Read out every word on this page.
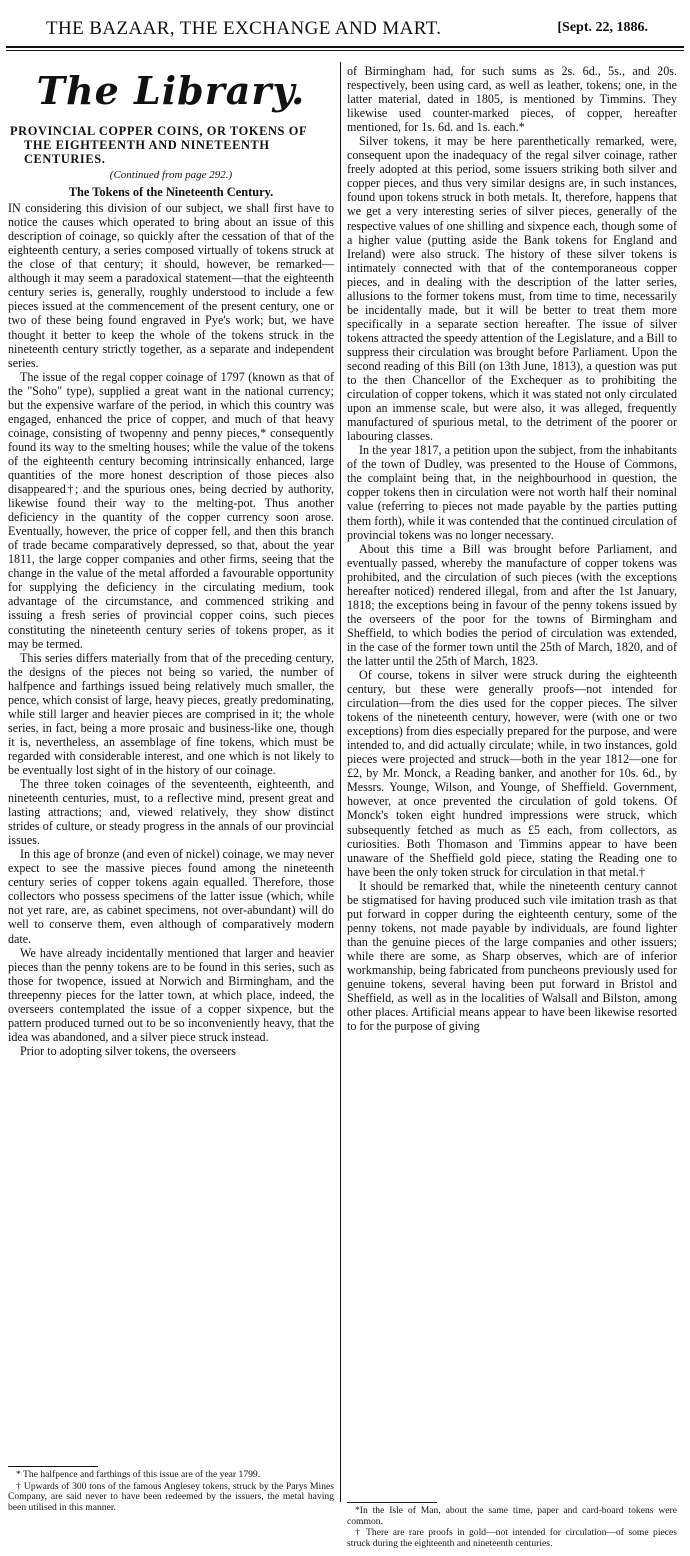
THE BAZAAR, THE EXCHANGE AND MART.	[Sept. 22, 1886.
The Library.
PROVINCIAL COPPER COINS, OR TOKENS OF
THE EIGHTEENTH AND NINETEENTH
CENTURIES.
(Continued from page 292.)
The Tokens of the Nineteenth Century.

IN considering this division of our subject, we shall first have to notice the causes which operated to bring about an issue of this description of coinage, so quickly after the cessation of that of the eighteenth century, a series composed virtually of tokens struck at the close of that century; it should, however, be remarked—although it may seem a paradoxical statement—that the eighteenth century series is, generally, roughly understood to include a few pieces issued at the commencement of the present century, one or two of these being found engraved in Pye's work; but, we have thought it better to keep the whole of the tokens struck in the nineteenth century strictly together, as a separate and independent series.

The issue of the regal copper coinage of 1797 (known as that of the "Soho" type), supplied a great want in the national currency; but the expensive warfare of the period, in which this country was engaged, enhanced the price of copper, and much of that heavy coinage, consisting of twopenny and penny pieces,* consequently found its way to the smelting houses; while the value of the tokens of the eighteenth century becoming intrinsically enhanced, large quantities of the more honest description of those pieces also disappeared†; and the spurious ones, being decried by authority, likewise found their way to the melting-pot. Thus another deficiency in the quantity of the copper currency soon arose. Eventually, however, the price of copper fell, and then this branch of trade became comparatively depressed, so that, about the year 1811, the large copper companies and other firms, seeing that the change in the value of the metal afforded a favourable opportunity for supplying the deficiency in the circulating medium, took advantage of the circumstance, and commenced striking and issuing a fresh series of provincial copper coins, such pieces constituting the nineteenth century series of tokens proper, as it may be termed.

This series differs materially from that of the preceding century, the designs of the pieces not being so varied, the number of halfpence and farthings issued being relatively much smaller, the pence, which consist of large, heavy pieces, greatly predominating, while still larger and heavier pieces are comprised in it; the whole series, in fact, being a more prosaic and business-like one, though it is, nevertheless, an assemblage of fine tokens, which must be regarded with considerable interest, and one which is not likely to be eventually lost sight of in the history of our coinage.

The three token coinages of the seventeenth, eighteenth, and nineteenth centuries, must, to a reflective mind, present great and lasting attractions; and, viewed relatively, they show distinct strides of culture, or steady progress in the annals of our provincial issues.

In this age of bronze (and even of nickel) coinage, we may never expect to see the massive pieces found among the nineteenth century series of copper tokens again equalled. Therefore, those collectors who possess specimens of the latter issue (which, while not yet rare, are, as cabinet specimens, not over-abundant) will do well to conserve them, even although of comparatively modern date.

We have already incidentally mentioned that larger and heavier pieces than the penny tokens are to be found in this series, such as those for twopence, issued at Norwich and Birmingham, and the threepenny pieces for the latter town, at which place, indeed, the overseers contemplated the issue of a copper sixpence, but the pattern produced turned out to be so inconveniently heavy, that the idea was abandoned, and a silver piece struck instead.

Prior to adopting silver tokens, the overseers

* The halfpence and farthings of this issue are of the year 1799.

† Upwards of 300 tons of the famous Anglesey tokens, struck by the Parys Mines Company, are said never to have been redeemed by the issuers, the metal having been utilised in this manner.

of Birmingham had, for such sums as 2s. 6d., 5s., and 20s. respectively, been using card, as well as leather, tokens; one, in the latter material, dated in 1805, is mentioned by Timmins. They likewise used counter-marked pieces, of copper, hereafter mentioned, for 1s. 6d. and 1s. each.*

Silver tokens, it may be here parenthetically remarked, were, consequent upon the inadequacy of the regal silver coinage, rather freely adopted at this period, some issuers striking both silver and copper pieces, and thus very similar designs are, in such instances, found upon tokens struck in both metals. It, therefore, happens that we get a very interesting series of silver pieces, generally of the respective values of one shilling and sixpence each, though some of a higher value (putting aside the Bank tokens for England and Ireland) were also struck. The history of these silver tokens is intimately connected with that of the contemporaneous copper pieces, and in dealing with the description of the latter series, allusions to the former tokens must, from time to time, necessarily be incidentally made, but it will be better to treat them more specifically in a separate section hereafter. The issue of silver tokens attracted the speedy attention of the Legislature, and a Bill to suppress their circulation was brought before Parliament. Upon the second reading of this Bill (on 13th June, 1813), a question was put to the then Chancellor of the Exchequer as to prohibiting the circulation of copper tokens, which it was stated not only circulated upon an immense scale, but were also, it was alleged, frequently manufactured of spurious metal, to the detriment of the poorer or labouring classes.

In the year 1817, a petition upon the subject, from the inhabitants of the town of Dudley, was presented to the House of Commons, the complaint being that, in the neighbourhood in question, the copper tokens then in circulation were not worth half their nominal value (referring to pieces not made payable by the parties putting them forth), while it was contended that the continued circulation of provincial tokens was no longer necessary.

About this time a Bill was brought before Parliament, and eventually passed, whereby the manufacture of copper tokens was prohibited, and the circulation of such pieces (with the exceptions hereafter noticed) rendered illegal, from and after the 1st January, 1818; the exceptions being in favour of the penny tokens issued by the overseers of the poor for the towns of Birmingham and Sheffield, to which bodies the period of circulation was extended, in the case of the former town until the 25th of March, 1820, and of the latter until the 25th of March, 1823.

Of course, tokens in silver were struck during the eighteenth century, but these were generally proofs—not intended for circulation—from the dies used for the copper pieces. The silver tokens of the nineteenth century, however, were (with one or two exceptions) from dies especially prepared for the purpose, and were intended to, and did actually circulate; while, in two instances, gold pieces were projected and struck—both in the year 1812—one for £2, by Mr. Monck, a Reading banker, and another for 10s. 6d., by Messrs. Younge, Wilson, and Younge, of Sheffield. Government, however, at once prevented the circulation of gold tokens. Of Monck's token eight hundred impressions were struck, which subsequently fetched as much as £5 each, from collectors, as curiosities. Both Thomason and Timmins appear to have been unaware of the Sheffield gold piece, stating the Reading one to have been the only token struck for circulation in that metal.†

It should be remarked that, while the nineteenth century cannot be stigmatised for having produced such vile imitation trash as that put forward in copper during the eighteenth century, some of the penny tokens, not made payable by individuals, are found lighter than the genuine pieces of the large companies and other issuers; while there are some, as Sharp observes, which are of inferior workmanship, being fabricated from puncheons previously used for genuine tokens, several having been put forward in Bristol and Sheffield, as well as in the localities of Walsall and Bilston, among other places. Artificial means appear to have been likewise resorted to for the purpose of giving

*In the Isle of Man, about the same time, paper and card-board tokens were common.

† There are rare proofs in gold—not intended for circulation—of some pieces struck during the eighteenth and nineteenth centuries.
